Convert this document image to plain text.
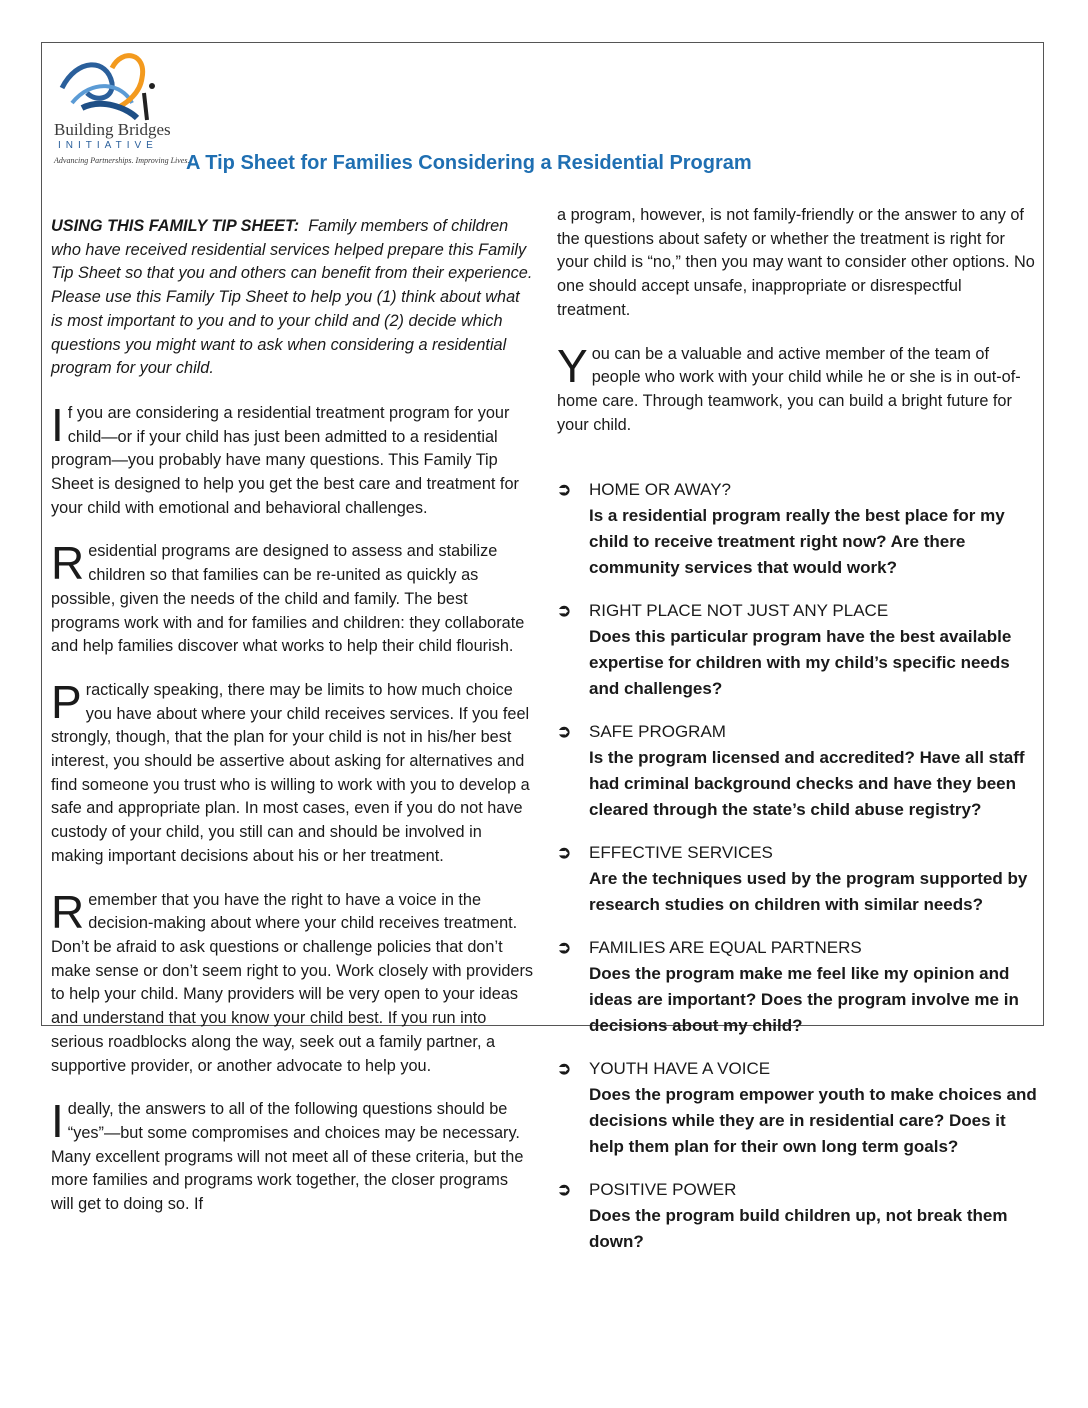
Building Bridges
INITIATIVE
Advancing Partnerships. Improving Lives.
A Tip Sheet for Families Considering a Residential Program
USING THIS FAMILY TIP SHEET: Family members of children who have received residential services helped prepare this Family Tip Sheet so that you and others can benefit from their experience. Please use this Family Tip Sheet to help you (1) think about what is most important to you and to your child and (2) decide which questions you might want to ask when considering a residential program for your child.

If you are considering a residential treatment program for your child—or if your child has just been admitted to a residential program—you probably have many questions. This Family Tip Sheet is designed to help you get the best care and treatment for your child with emotional and behavioral challenges.

Residential programs are designed to assess and stabilize children so that families can be re-united as quickly as possible, given the needs of the child and family. The best programs work with and for families and children: they collaborate and help families discover what works to help their child flourish.

Practically speaking, there may be limits to how much choice you have about where your child receives services. If you feel strongly, though, that the plan for your child is not in his/her best interest, you should be assertive about asking for alternatives and find someone you trust who is willing to work with you to develop a safe and appropriate plan. In most cases, even if you do not have custody of your child, you still can and should be involved in making important decisions about his or her treatment.

Remember that you have the right to have a voice in the decision-making about where your child receives treatment. Don’t be afraid to ask questions or challenge policies that don’t make sense or don’t seem right to you. Work closely with providers to help your child. Many providers will be very open to your ideas and understand that you know your child best. If you run into serious roadblocks along the way, seek out a family partner, a supportive provider, or another advocate to help you.

Ideally, the answers to all of the following questions should be “yes”—but some compromises and choices may be necessary. Many excellent programs will not meet all of these criteria, but the more families and programs work together, the closer programs will get to doing so. If

a program, however, is not family-friendly or the answer to any of the questions about safety or whether the treatment is right for your child is “no,” then you may want to consider other options. No one should accept unsafe, inappropriate or disrespectful treatment.

You can be a valuable and active member of the team of people who work with your child while he or she is in out-of-home care. Through teamwork, you can build a bright future for your child.

➲ HOME OR AWAY?
Is a residential program really the best place for my child to receive treatment right now? Are there community services that would work?
➲ RIGHT PLACE NOT JUST ANY PLACE
Does this particular program have the best available expertise for children with my child’s specific needs and challenges?
➲ SAFE PROGRAM
Is the program licensed and accredited? Have all staff had criminal background checks and have they been cleared through the state’s child abuse registry?
➲ EFFECTIVE SERVICES
Are the techniques used by the program supported by research studies on children with similar needs?
➲ FAMILIES ARE EQUAL PARTNERS
Does the program make me feel like my opinion and ideas are important? Does the program involve me in decisions about my child?
➲ YOUTH HAVE A VOICE
Does the program empower youth to make choices and decisions while they are in residential care? Does it help them plan for their own long term goals?
➲ POSITIVE POWER
Does the program build children up, not break them down?
